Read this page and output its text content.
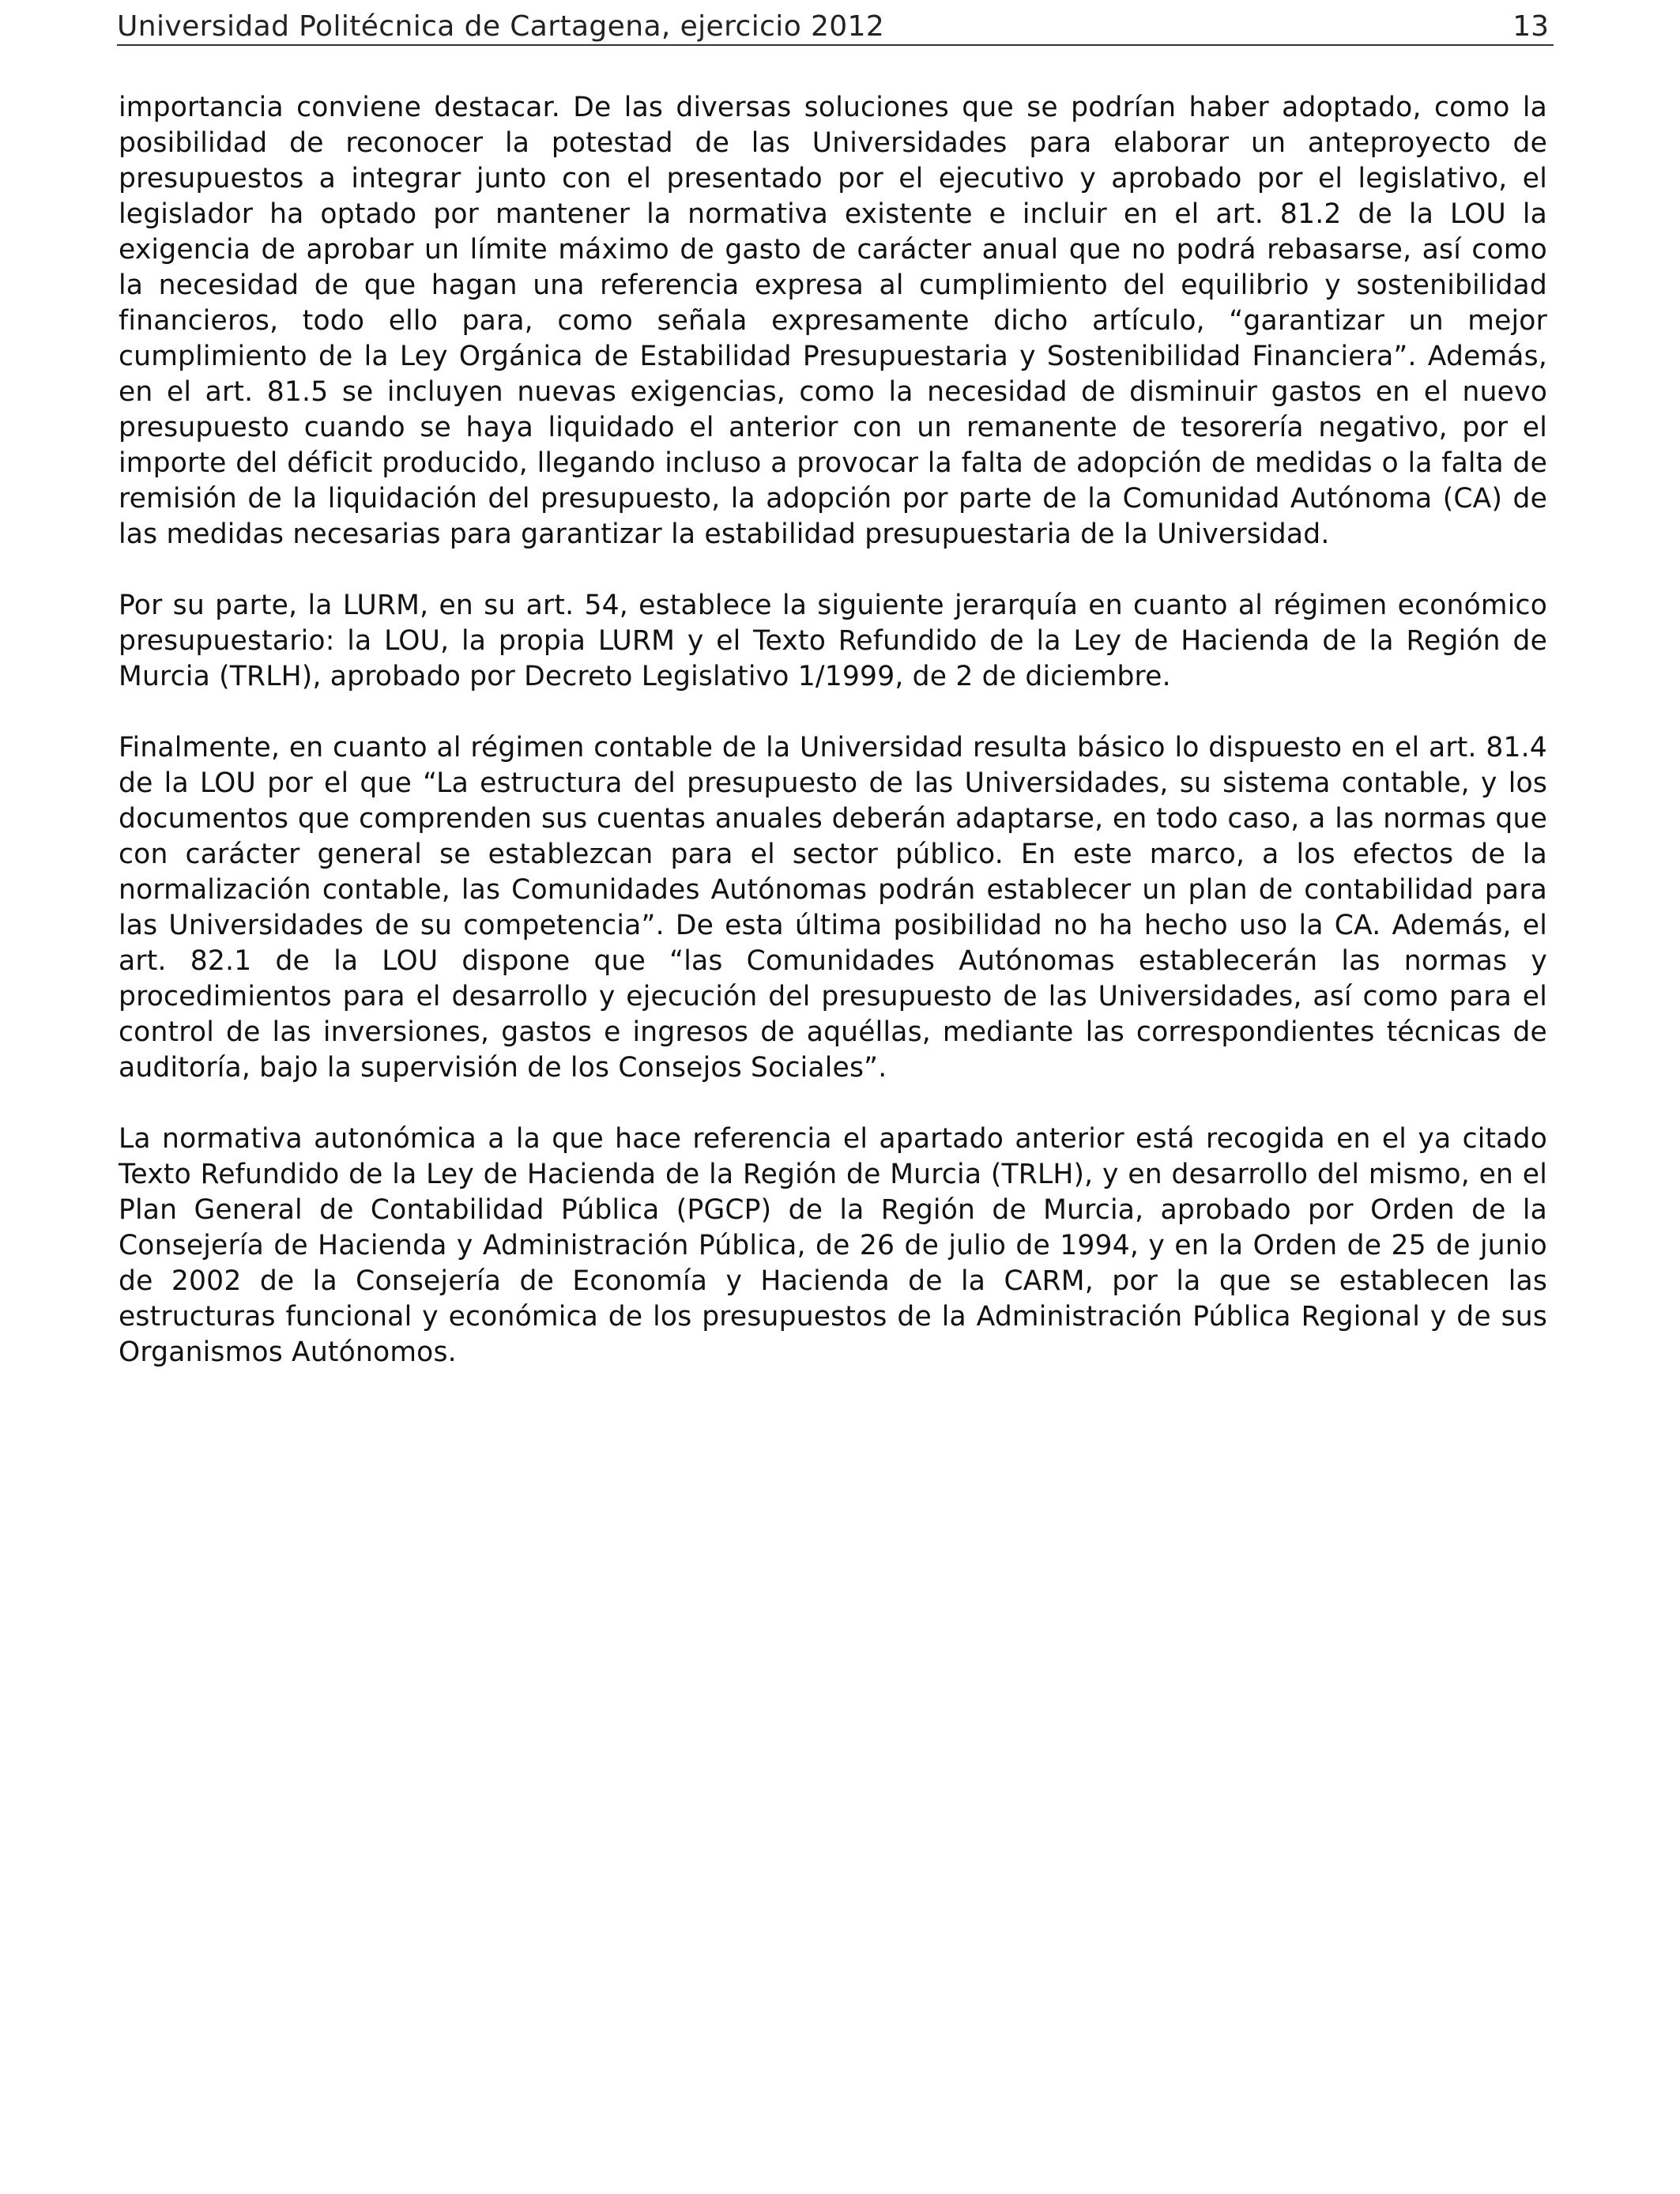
Universidad Politécnica de Cartagena, ejercicio 2012	13

importancia conviene destacar. De las diversas soluciones que se podrían haber adoptado, como la posibilidad de reconocer la potestad de las Universidades para elaborar un anteproyecto de presupuestos a integrar junto con el presentado por el ejecutivo y aprobado por el legislativo, el legislador ha optado por mantener la normativa existente e incluir en el art. 81.2 de la LOU la exigencia de aprobar un límite máximo de gasto de carácter anual que no podrá rebasarse, así como la necesidad de que hagan una referencia expresa al cumplimiento del equilibrio y sostenibilidad financieros, todo ello para, como señala expresamente dicho artículo, “garantizar un mejor cumplimiento de la Ley Orgánica de Estabilidad Presupuestaria y Sostenibilidad Financiera”. Además, en el art. 81.5 se incluyen nuevas exigencias, como la necesidad de disminuir gastos en el nuevo presupuesto cuando se haya liquidado el anterior con un remanente de tesorería negativo, por el importe del déficit producido, llegando incluso a provocar la falta de adopción de medidas o la falta de remisión de la liquidación del presupuesto, la adopción por parte de la Comunidad Autónoma (CA) de las medidas necesarias para garantizar la estabilidad presupuestaria de la Universidad.

Por su parte, la LURM, en su art. 54, establece la siguiente jerarquía en cuanto al régimen económico presupuestario: la LOU, la propia LURM y el Texto Refundido de la Ley de Hacienda de la Región de Murcia (TRLH), aprobado por Decreto Legislativo 1/1999, de 2 de diciembre.

Finalmente, en cuanto al régimen contable de la Universidad resulta básico lo dispuesto en el art. 81.4 de la LOU por el que “La estructura del presupuesto de las Universidades, su sistema contable, y los documentos que comprenden sus cuentas anuales deberán adaptarse, en todo caso, a las normas que con carácter general se establezcan para el sector público. En este marco, a los efectos de la normalización contable, las Comunidades Autónomas podrán establecer un plan de contabilidad para las Universidades de su competencia”. De esta última posibilidad no ha hecho uso la CA. Además, el art. 82.1 de la LOU dispone que “las Comunidades Autónomas establecerán las normas y procedimientos para el desarrollo y ejecución del presupuesto de las Universidades, así como para el control de las inversiones, gastos e ingresos de aquéllas, mediante las correspondientes técnicas de auditoría, bajo la supervisión de los Consejos Sociales”.

La normativa autonómica a la que hace referencia el apartado anterior está recogida en el ya citado Texto Refundido de la Ley de Hacienda de la Región de Murcia (TRLH), y en desarrollo del mismo, en el Plan General de Contabilidad Pública (PGCP) de la Región de Murcia, aprobado por Orden de la Consejería de Hacienda y Administración Pública, de 26 de julio de 1994, y en la Orden de 25 de junio de 2002 de la Consejería de Economía y Hacienda de la CARM, por la que se establecen las estructuras funcional y económica de los presupuestos de la Administración Pública Regional y de sus Organismos Autónomos.
